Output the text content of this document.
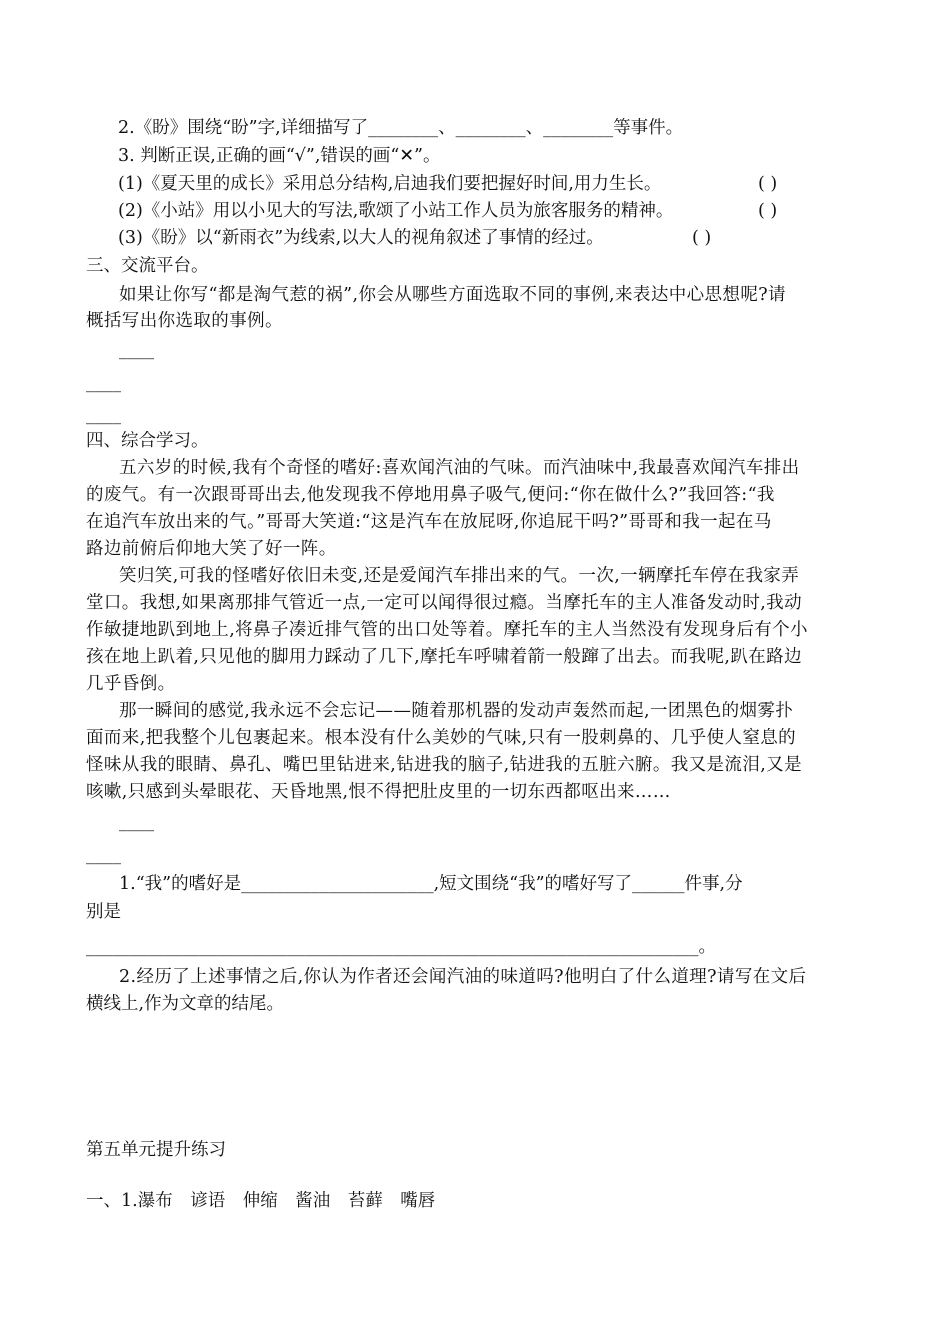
2.《盼》围绕“盼”字,详细描写了________、________、________等事件。
3. 判断正误,正确的画“√”,错误的画“✕”。
(1)《夏天里的成长》采用总分结构,启迪我们要把握好时间,用力生长。	( )
(2)《小站》用以小见大的写法,歌颂了小站工作人员为旅客服务的精神。	( )
(3)《盼》以“新雨衣”为线索,以大人的视角叙述了事情的经过。	( )
三、交流平台。
如果让你写“都是淘气惹的祸”,你会从哪些方面选取不同的事例,来表达中心思想呢?请
概括写出你选取的事例。
____
____
____
四、综合学习。
五六岁的时候,我有个奇怪的嗜好:喜欢闻汽油的气味。而汽油味中,我最喜欢闻汽车排出
的废气。有一次跟哥哥出去,他发现我不停地用鼻子吸气,便问:“你在做什么?”我回答:“我
在追汽车放出来的气。”哥哥大笑道:“这是汽车在放屁呀,你追屁干吗?”哥哥和我一起在马
路边前俯后仰地大笑了好一阵。
笑归笑,可我的怪嗜好依旧未变,还是爱闻汽车排出来的气。一次,一辆摩托车停在我家弄
堂口。我想,如果离那排气管近一点,一定可以闻得很过瘾。当摩托车的主人准备发动时,我动
作敏捷地趴到地上,将鼻子凑近排气管的出口处等着。摩托车的主人当然没有发现身后有个小
孩在地上趴着,只见他的脚用力踩动了几下,摩托车呼啸着箭一般蹿了出去。而我呢,趴在路边
几乎昏倒。
那一瞬间的感觉,我永远不会忘记——随着那机器的发动声轰然而起,一团黑色的烟雾扑
面而来,把我整个儿包裹起来。根本没有什么美妙的气味,只有一股刺鼻的、几乎使人窒息的
怪味从我的眼睛、鼻孔、嘴巴里钻进来,钻进我的脑子,钻进我的五脏六腑。我又是流泪,又是
咳嗽,只感到头晕眼花、天昏地黑,恨不得把肚皮里的一切东西都呕出来……
____
____
1.“我”的嗜好是______________________,短文围绕“我”的嗜好写了______件事,分
别是
______________________________________________________________________。
2.经历了上述事情之后,你认为作者还会闻汽油的味道吗?他明白了什么道理?请写在文后
横线上,作为文章的结尾。
第五单元提升练习
一、1.瀑布　谚语　伸缩　酱油　苔藓　嘴唇
